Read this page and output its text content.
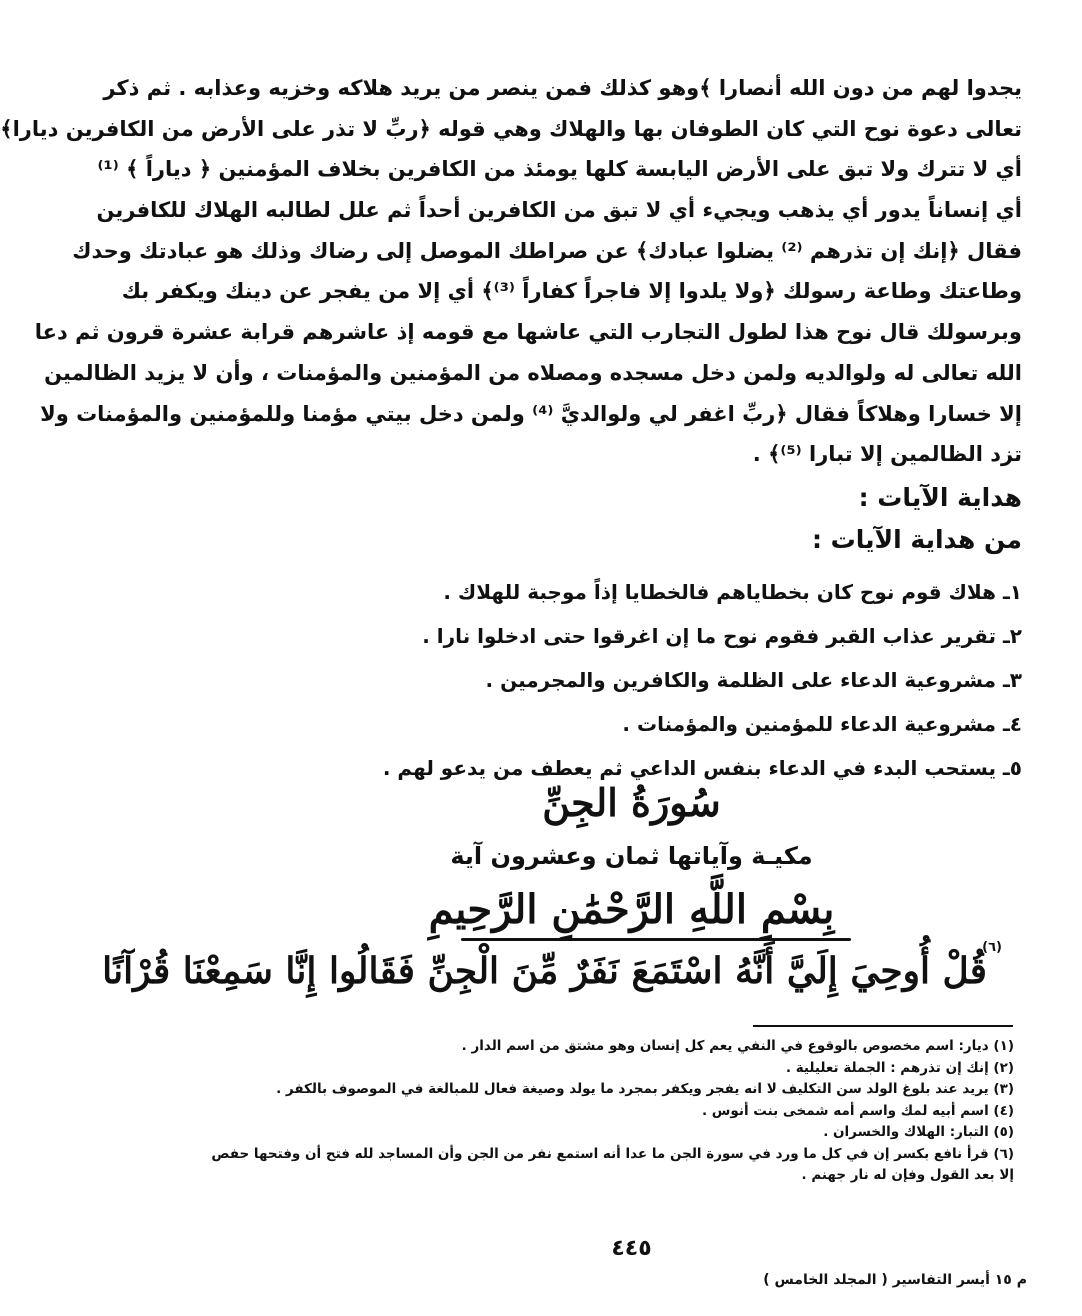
يجدوا لهم من دون الله أنصارا ﴾وهو كذلك فمن ينصر من يريد هلاكه وخزيه وعذابه . ثم ذكر
تعالى دعوة نوح التي كان الطوفان بها والهلاك وهي قوله ﴿ربِّ لا تذر على الأرض من الكافرين ديارا﴾
أي لا تترك ولا تبق على الأرض اليابسة كلها يومئذ من الكافرين بخلاف المؤمنين ﴿ دياراً ﴾ ⁽¹⁾
أي إنساناً يدور أي يذهب ويجيء أي لا تبق من الكافرين أحداً ثم علل لطالبه الهلاك للكافرين
فقال ﴿إنك إن تذرهم ⁽²⁾ يضلوا عبادك﴾ عن صراطك الموصل إلى رضاك وذلك هو عبادتك وحدك
وطاعتك وطاعة رسولك ﴿ولا يلدوا إلا فاجراً كفاراً ⁽³⁾﴾ أي إلا من يفجر عن دينك ويكفر بك
وبرسولك قال نوح هذا لطول التجارب التي عاشها مع قومه إذ عاشرهم قرابة عشرة قرون ثم دعا
الله تعالى له ولوالديه ولمن دخل مسجده ومصلاه من المؤمنين والمؤمنات ، وأن لا يزيد الظالمين
إلا خسارا وهلاكاً فقال ﴿ربِّ اغفر لي ولوالديَّ ⁽⁴⁾ ولمن دخل بيتي مؤمنا وللمؤمنين والمؤمنات ولا
تزد الظالمين إلا تبارا ⁽⁵⁾﴾ .
هداية الآيات :
من هداية الآيات :
١ـ هلاك قوم نوح كان بخطاياهم فالخطايا إذاً موجبة للهلاك .
٢ـ تقرير عذاب القبر فقوم نوح ما إن اغرقوا حتى ادخلوا نارا .
٣ـ مشروعية الدعاء على الظلمة والكافرين والمجرمين .
٤ـ مشروعية الدعاء للمؤمنين والمؤمنات .
٥ـ يستحب البدء في الدعاء بنفس الداعي ثم يعطف من يدعو لهم .
سُورَةُ الجِنِّ
مكيـة وآياتها ثمان وعشرون آية
بِسْمِ اللَّهِ الرَّحْمَٰنِ الرَّحِيمِ
(٦)
قُلْ أُوحِيَ إِلَيَّ أَنَّهُ اسْتَمَعَ نَفَرٌ مِّنَ الْجِنِّ فَقَالُوا إِنَّا سَمِعْنَا قُرْآنًا
(١) ديار: اسم مخصوص بالوقوع في النفي يعم كل إنسان وهو مشتق من اسم الدار .
(٢) إنك إن تذرهم : الجملة تعليلية .
(٣) يريد عند بلوغ الولد سن التكليف لا انه يفجر ويكفر بمجرد ما يولد وصيغة فعال للمبالغة في الموصوف بالكفر .
(٤) اسم أبيه لمك واسم أمه شمخى بنت أنوس .
(٥) التبار: الهلاك والخسران .
(٦) قرأ نافع بكسر إن في كل ما ورد في سورة الجن ما عدا أنه استمع نفر من الجن وأن المساجد لله فتح أن وفتحها حفص
إلا بعد القول وفإن له نار جهنم .
٤٤٥
م ١٥ أيسر التفاسير ( المجلد الخامس )
